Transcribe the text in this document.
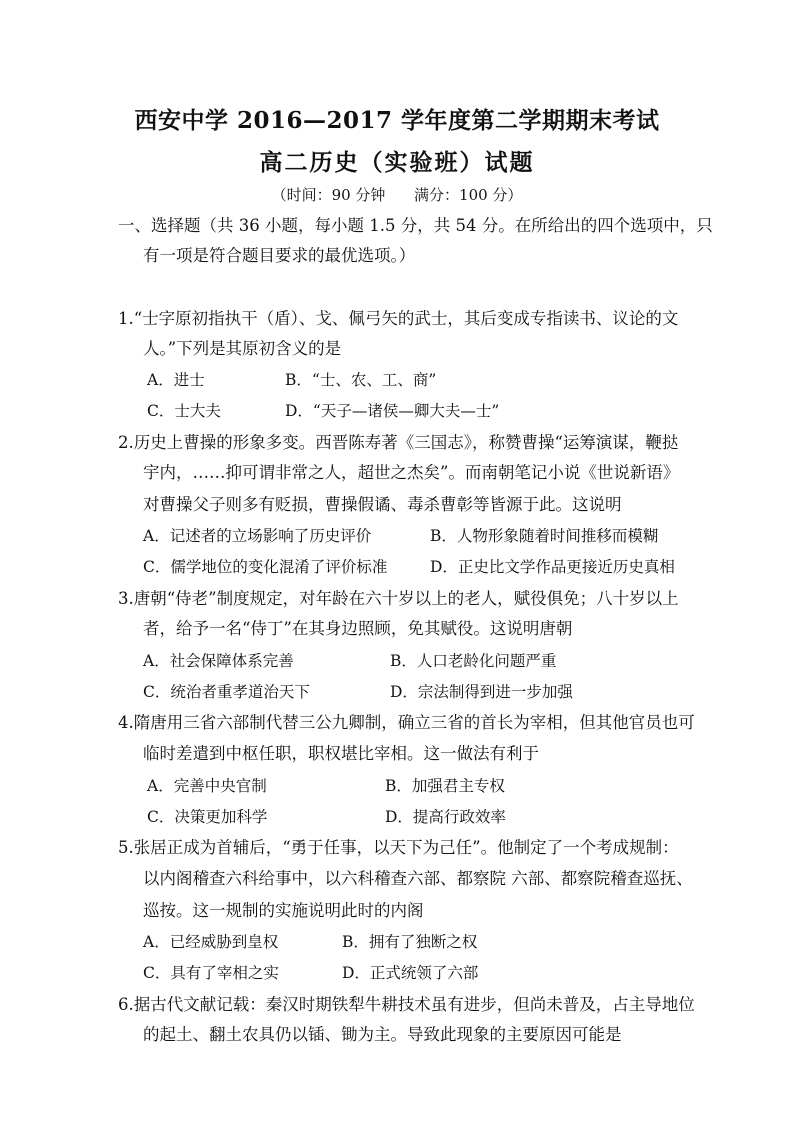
西安中学 2016—2017 学年度第二学期期末考试
高二历史（实验班）试题
（时间：90 分钟 满分：100 分）
一、选择题（共 36 小题，每小题 1.5 分，共 54 分。在所给出的四个选项中，只
有一项是符合题目要求的最优选项。）
1.“士字原初指执干（盾）、戈、佩弓矢的武士，其后变成专指读书、议论的文
人。”下列是其原初含义的是
A．进士	B．“士、农、工、商”
C．士大夫	D．“天子—诸侯—卿大夫—士”
2.历史上曹操的形象多变。西晋陈寿著《三国志》，称赞曹操“运筹演谋，鞭挞
宇内，……抑可谓非常之人，超世之杰矣”。而南朝笔记小说《世说新语》
对曹操父子则多有贬损，曹操假谲、毒杀曹彰等皆源于此。这说明
A．记述者的立场影响了历史评价	B．人物形象随着时间推移而模糊
C．儒学地位的变化混淆了评价标准	D．正史比文学作品更接近历史真相
3.唐朝“侍老”制度规定，对年龄在六十岁以上的老人，赋役俱免；八十岁以上
者，给予一名“侍丁”在其身边照顾，免其赋役。这说明唐朝
A．社会保障体系完善	B．人口老龄化问题严重
C．统治者重孝道治天下	D．宗法制得到进一步加强
4.隋唐用三省六部制代替三公九卿制，确立三省的首长为宰相，但其他官员也可
临时差遣到中枢任职，职权堪比宰相。这一做法有利于
A．完善中央官制	B．加强君主专权
C．决策更加科学	D．提高行政效率
5.张居正成为首辅后，“勇于任事，以天下为己任”。他制定了一个考成规制：
以内阁稽查六科给事中，以六科稽查六部、都察院 六部、都察院稽查巡抚、
巡按。这一规制的实施说明此时的内阁
A．已经威胁到皇权	B．拥有了独断之权
C．具有了宰相之实	D．正式统领了六部
6.据古代文献记载：秦汉时期铁犁牛耕技术虽有进步，但尚未普及，占主导地位
的起土、翻土农具仍以锸、锄为主。导致此现象的主要原因可能是
